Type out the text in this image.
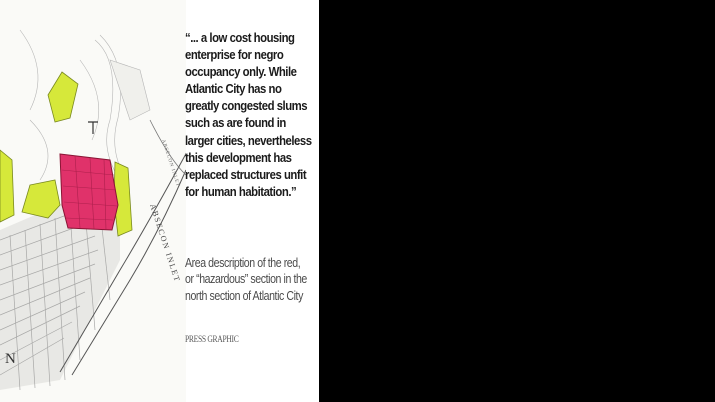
ABSECON INLET
ABSECON INLET
N

“... a low cost housing enterprise for negro occupancy only. While Atlantic City has no greatly congested slums such as are found in larger cities, nevertheless this development has replaced structures unfit for human habitation.”

Area description of the red, or “hazardous” section in the north section of Atlantic City

PRESS GRAPHIC
